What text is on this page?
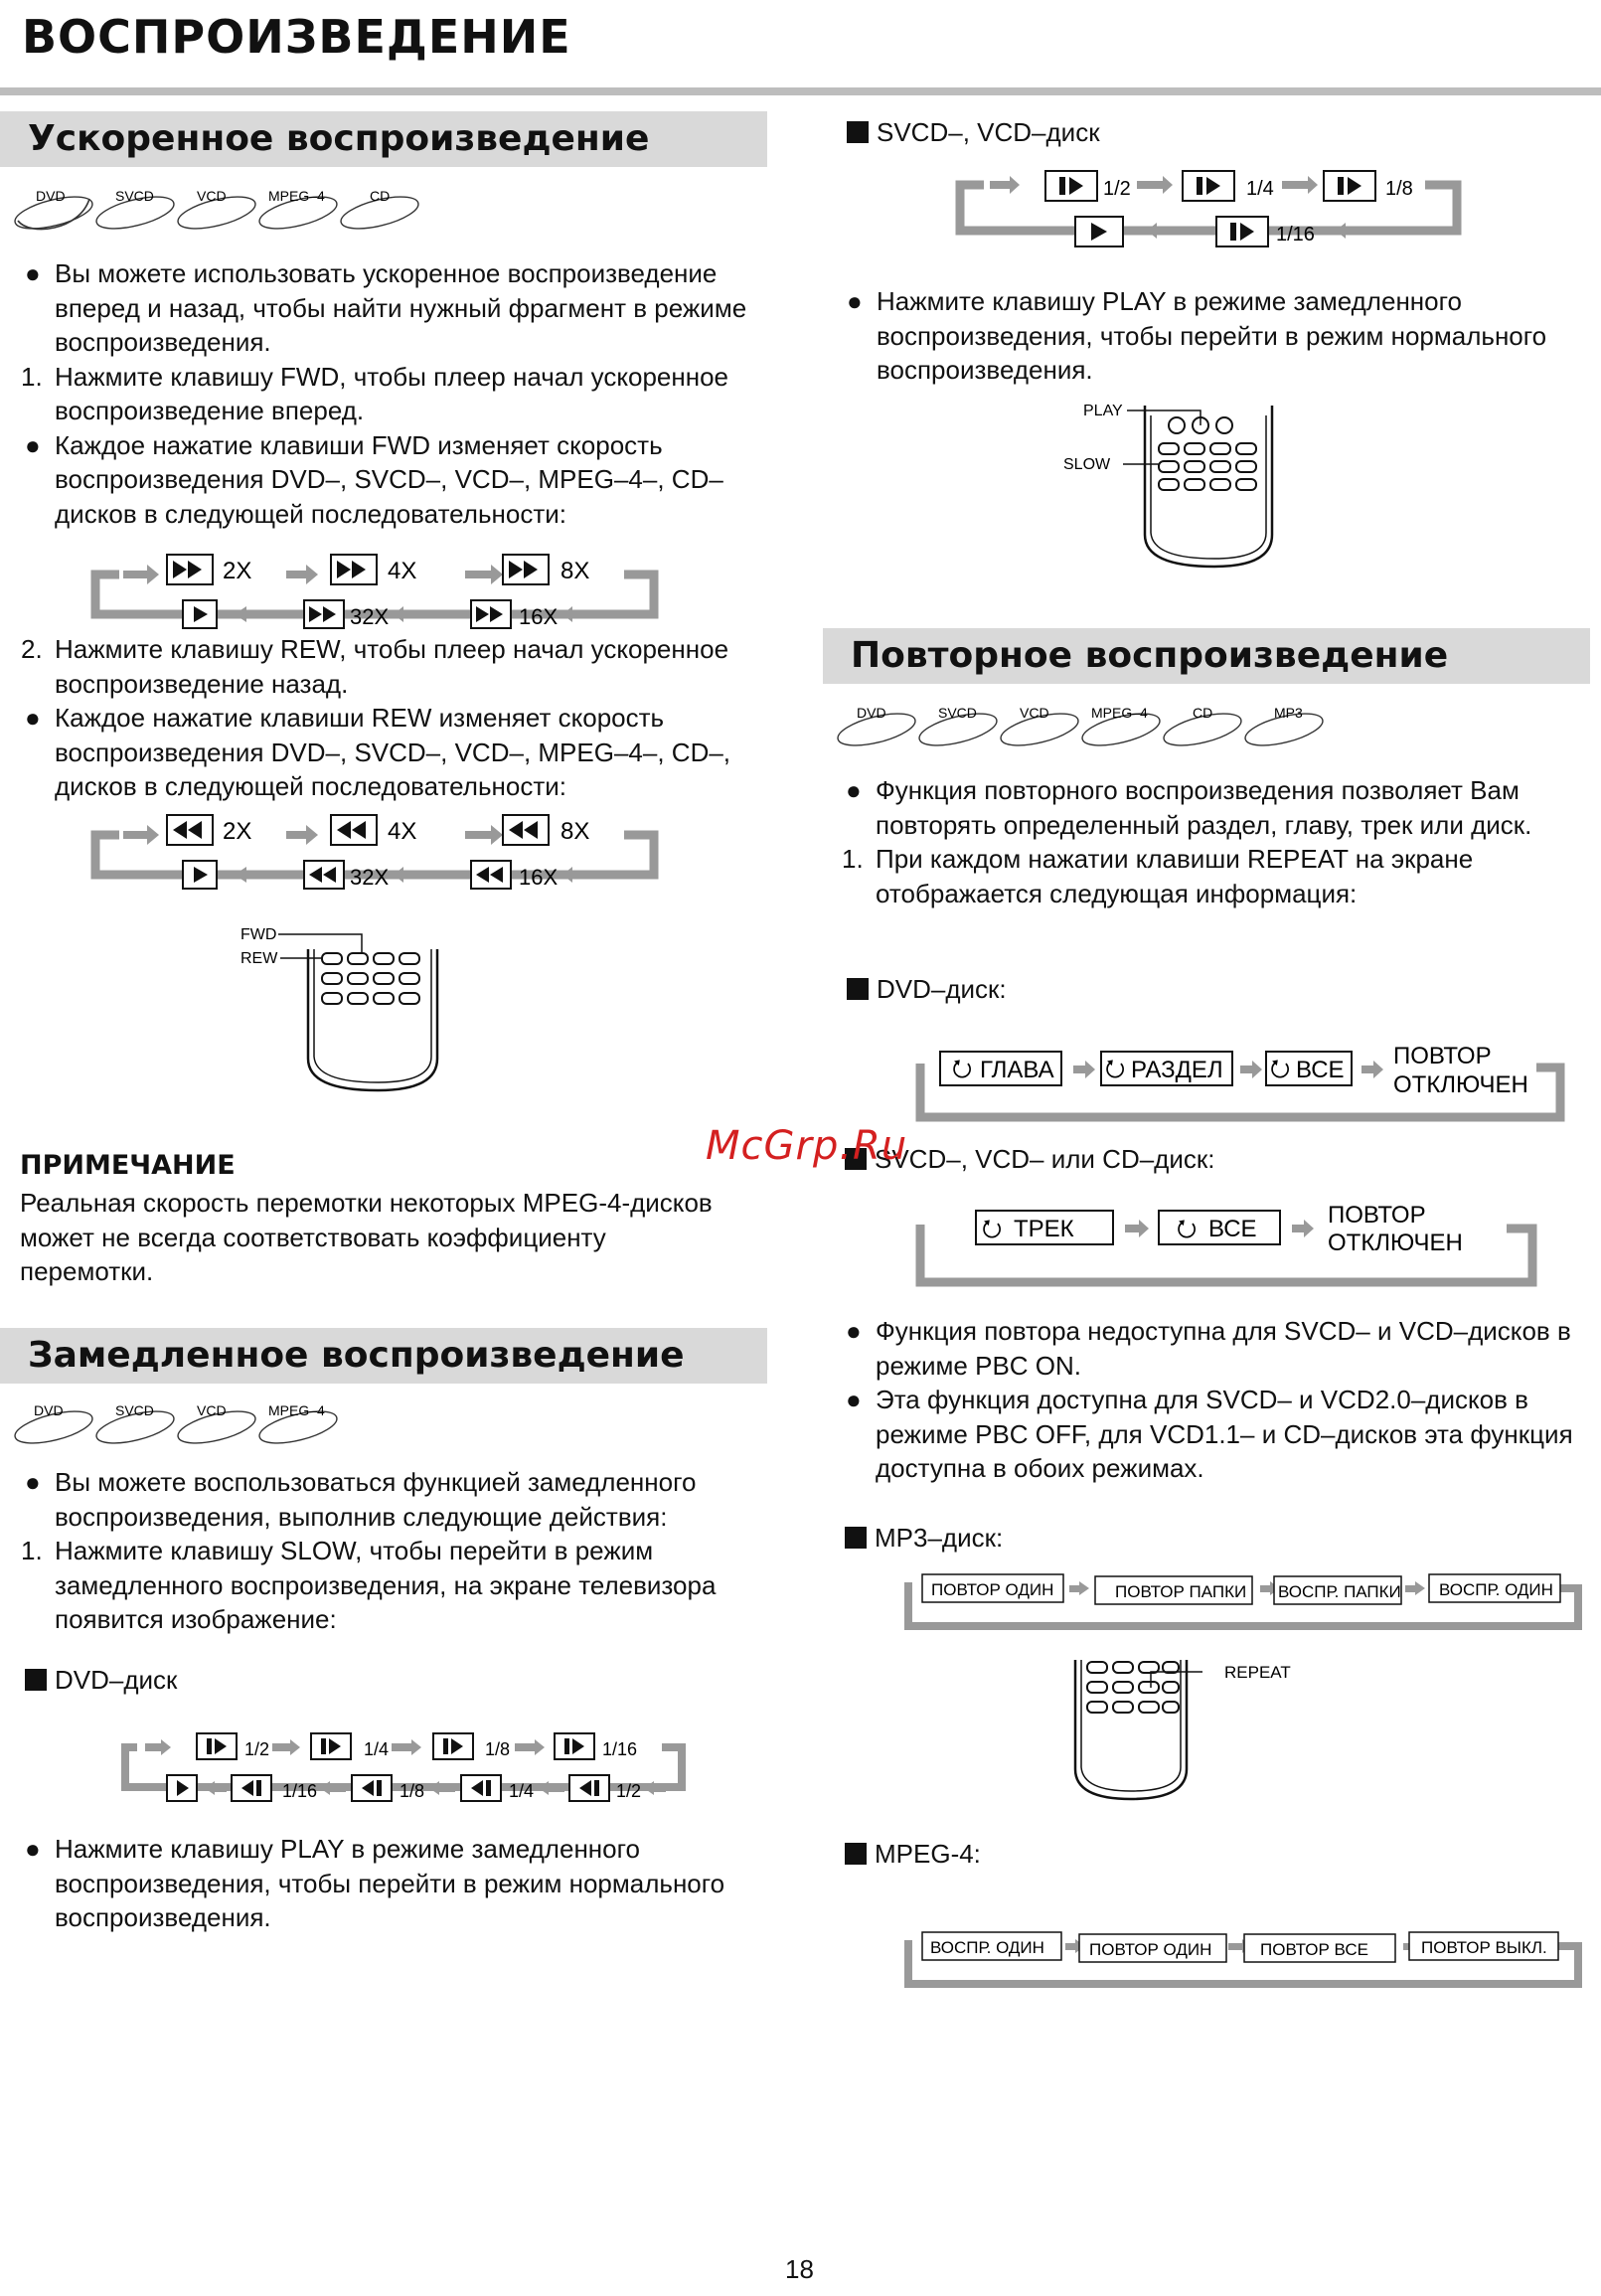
ВОСПРОИЗВЕДЕНИЕ
Ускоренное воспроизведение
DVD	SVCD	VCD	MPEG–4	CD
● Вы можете использовать ускоренное воспроизведение вперед и назад, чтобы найти нужный фрагмент в режиме воспроизведения.
1. Нажмите клавишу FWD, чтобы плеер начал ускоренное воспроизведение вперед.
● Каждое нажатие клавиши FWD изменяет скорость воспроизведения DVD–, SVCD–, VCD–, MPEG–4–, CD–дисков в следующей последовательности:
2X	4X	8X
32X	16X
2. Нажмите клавишу REW, чтобы плеер начал ускоренное воспроизведение назад.
● Каждое нажатие клавиши REW изменяет скорость воспроизведения DVD–, SVCD–, VCD–, MPEG–4–, CD–, дисков в следующей последовательности:
2X	4X	8X
32X	16X
FWD
REW
ПРИМЕЧАНИЕ
Реальная скорость перемотки некоторых MPEG-4-дисков может не всегда соответствовать коэффициенту перемотки.
Замедленное воспроизведение
DVD	SVCD	VCD	MPEG–4
● Вы можете воспользоваться функцией замедленного воспроизведения, выполнив следующие действия:
1. Нажмите клавишу SLOW, чтобы перейти в режим замедленного воспроизведения, на экране телевизора появится изображение:
DVD–диск
1/2	1/4	1/8	1/16
1/16	1/8	1/4	1/2
● Нажмите клавишу PLAY в режиме замедленного воспроизведения, чтобы перейти в режим нормального воспроизведения.
SVCD–, VCD–диск
1/2	1/4	1/8
1/16
● Нажмите клавишу PLAY в режиме замедленного воспроизведения, чтобы перейти в режим нормального воспроизведения.
PLAY
SLOW
Повторное воспроизведение
DVD	SVCD	VCD	MPEG–4	CD	MP3
● Функция повторного воспроизведения позволяет Вам повторять определенный раздел, главу, трек или диск.
1. При каждом нажатии клавиши REPEAT на экране отображается следующая информация:
DVD–диск:
⭮ ГЛАВА ⭮ РАЗДЕЛ ⭮ ВСЕ
ПОВТОР
ОТКЛЮЧЕН
SVCD–, VCD– или CD–диск:
⭮ ТРЕК	⭮ ВСЕ
ПОВТОР
ОТКЛЮЧЕН
● Функция повтора недоступна для SVCD– и VCD–дисков в режиме PBC ON.
● Эта функция доступна для SVCD– и VCD2.0–дисков в режиме PBC OFF, для VCD1.1– и CD–дисков эта функция доступна в обоих режимах.
MP3–диск:
ПОВТОР ОДИН	ПОВТОР ПАПКИ ВОСПР. ПАПКИ ВОСПР. ОДИН
REPEAT
MPEG-4:
ВОСПР. ОДИН	ПОВТОР ОДИН	ПОВТОР ВСЕ	ПОВТОР ВЫКЛ.
McGrp.Ru
18
